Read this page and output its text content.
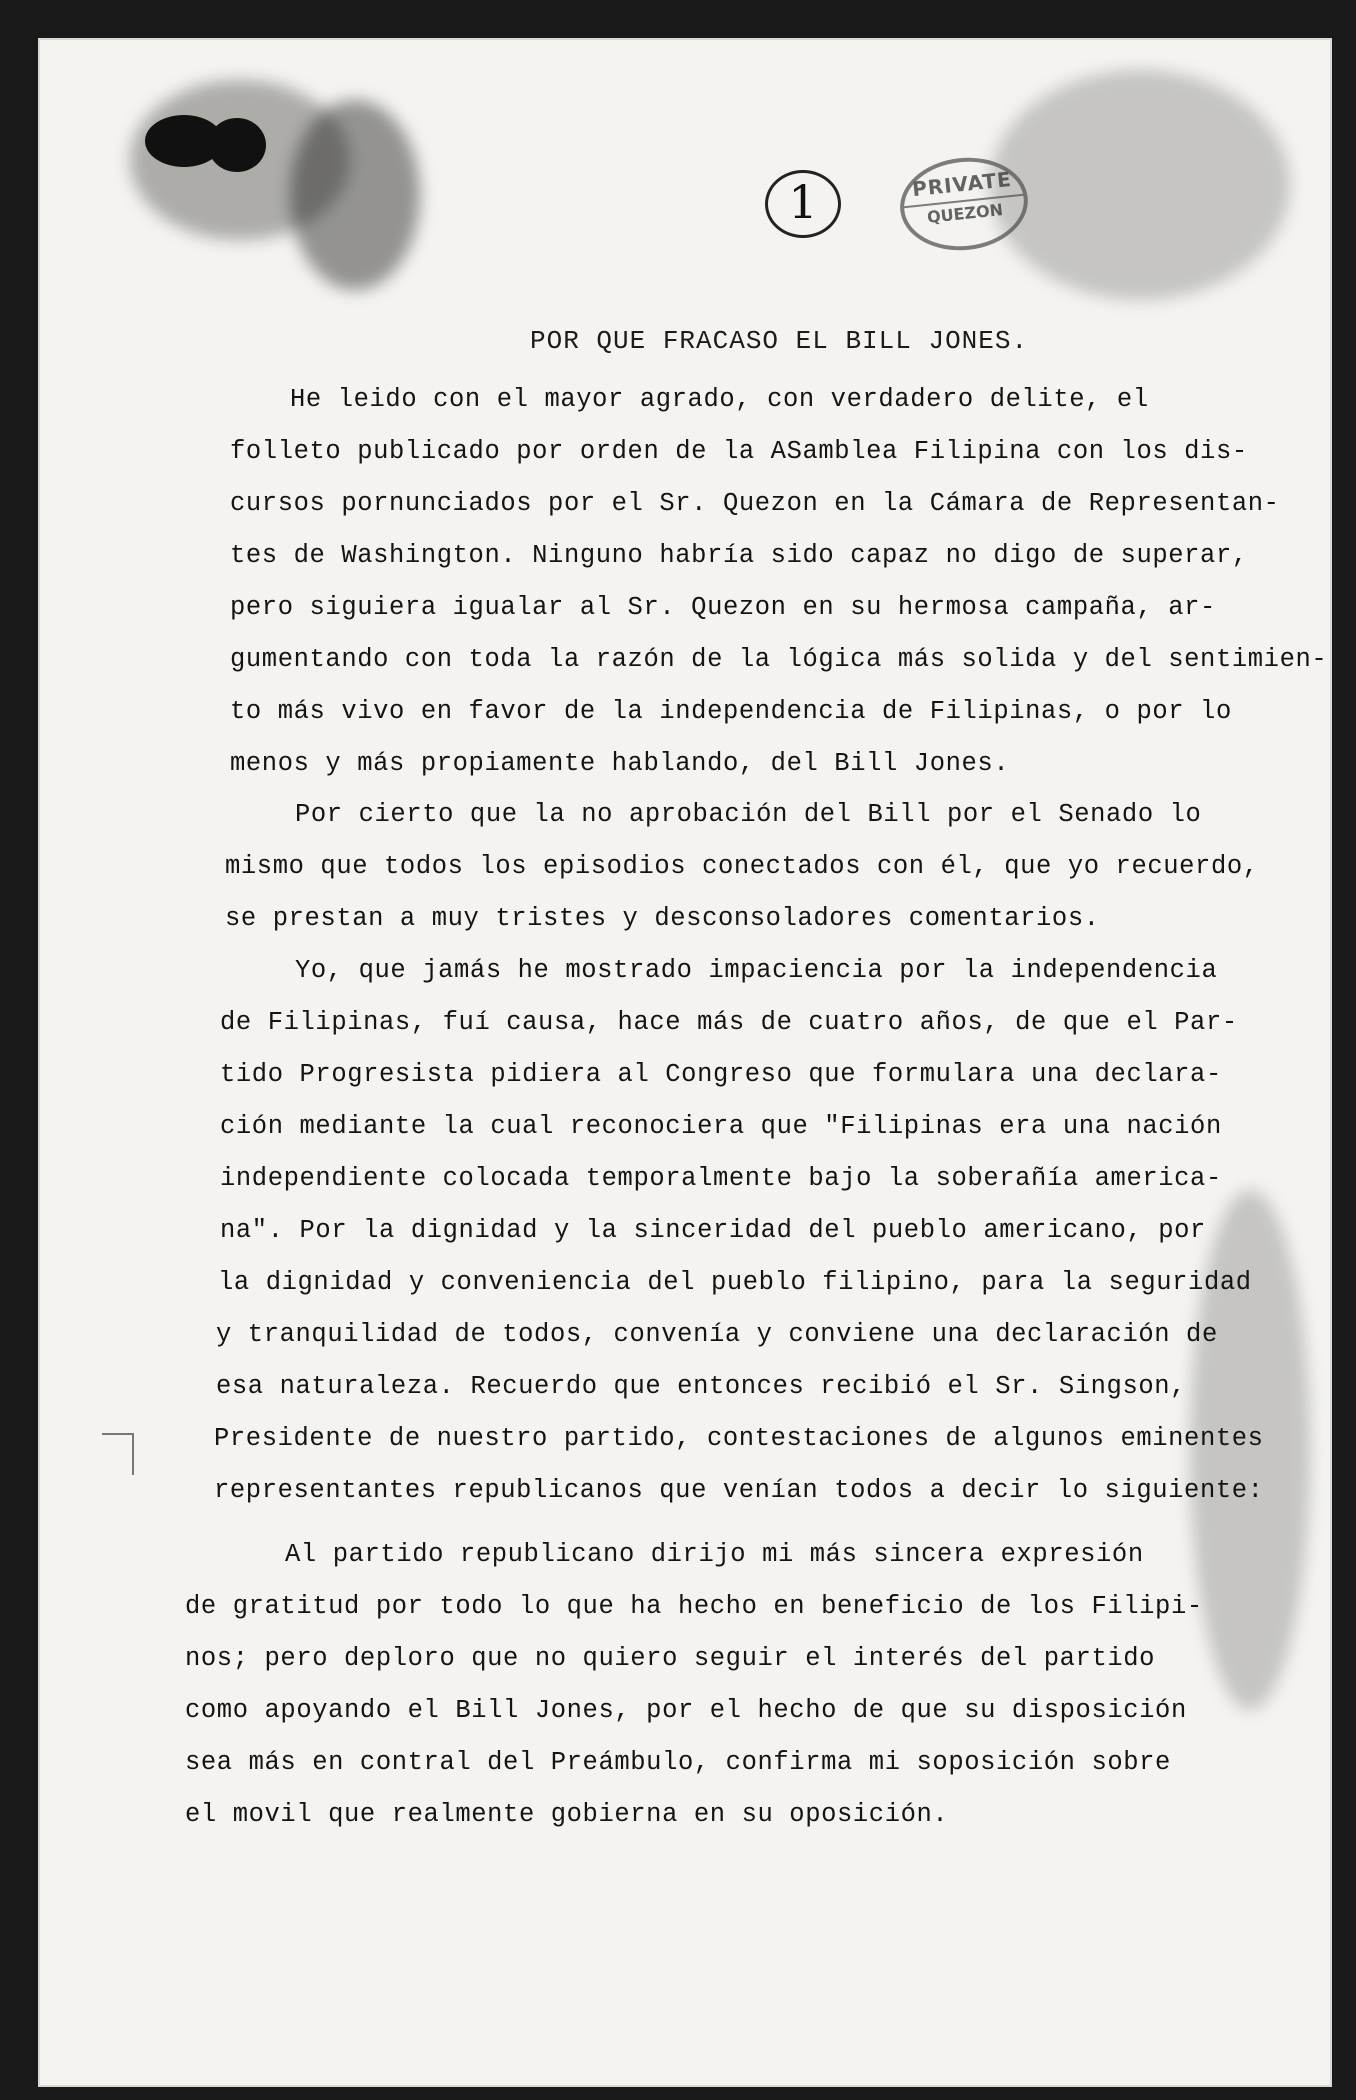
1	PRIVATE
QUEZON
POR QUE FRACASO EL BILL JONES.
He leido con el mayor agrado, con verdadero delite, el
folleto publicado por orden de la ASamblea Filipina con los dis-
cursos pornunciados por el Sr. Quezon en la Cámara de Representan-
tes de Washington. Ninguno habría sido capaz no digo de superar,
pero siguiera igualar al Sr. Quezon en su hermosa campaña, ar-
gumentando con toda la razón de la lógica más solida y del sentimien-
to más vivo en favor de la independencia de Filipinas, o por lo
menos y más propiamente hablando, del Bill Jones.
Por cierto que la no aprobación del Bill por el Senado lo
mismo que todos los episodios conectados con él, que yo recuerdo,
se prestan a muy tristes y desconsoladores comentarios.
Yo, que jamás he mostrado impaciencia por la independencia
de Filipinas, fuí causa, hace más de cuatro años, de que el Par-
tido Progresista pidiera al Congreso que formulara una declara-
ción mediante la cual reconociera que "Filipinas era una nación
independiente colocada temporalmente bajo la soberañía america-
na". Por la dignidad y la sinceridad del pueblo americano, por
la dignidad y conveniencia del pueblo filipino, para la seguridad
y tranquilidad de todos, convenía y conviene una declaración de
esa naturaleza. Recuerdo que entonces recibió el Sr. Singson,
Presidente de nuestro partido, contestaciones de algunos eminentes
representantes republicanos que venían todos a decir lo siguiente:
Al partido republicano dirijo mi más sincera expresión
de gratitud por todo lo que ha hecho en beneficio de los Filipi-
nos; pero deploro que no quiero seguir el interés del partido
como apoyando el Bill Jones, por el hecho de que su disposición
sea más en contral del Preámbulo, confirma mi soposición sobre
el movil que realmente gobierna en su oposición.
